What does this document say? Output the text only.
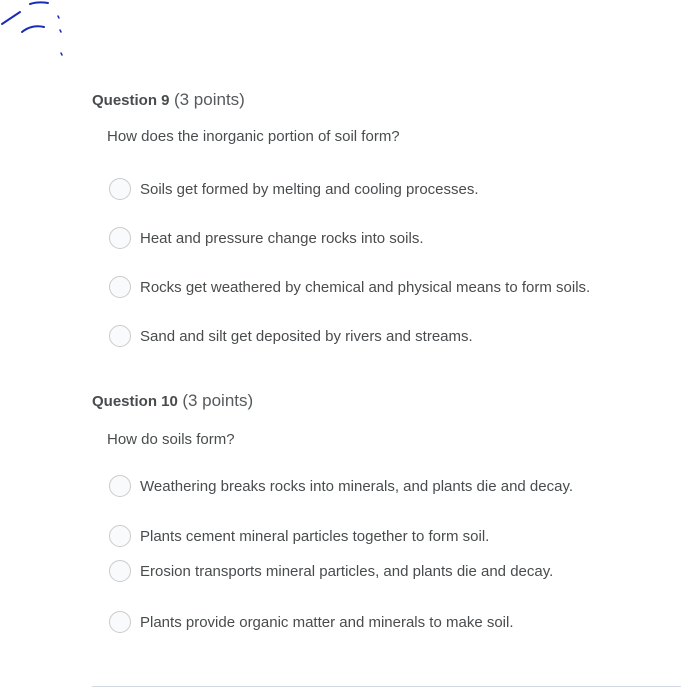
Question 9 (3 points)
How does the inorganic portion of soil form?
Soils get formed by melting and cooling processes.
Heat and pressure change rocks into soils.
Rocks get weathered by chemical and physical means to form soils.
Sand and silt get deposited by rivers and streams.
Question 10 (3 points)
How do soils form?
Weathering breaks rocks into minerals, and plants die and decay.
Plants cement mineral particles together to form soil.
Erosion transports mineral particles, and plants die and decay.
Plants provide organic matter and minerals to make soil.
